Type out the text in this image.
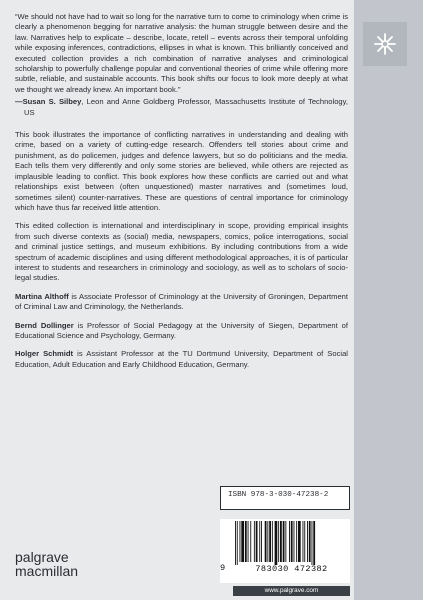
“We should not have had to wait so long for the narrative turn to come to criminology when crime is clearly a phenomenon begging for narrative analysis: the human struggle between desire and the law. Narratives help to explicate – describe, locate, retell – events across their temporal unfolding while exposing inferences, contradictions, ellipses in what is known. This brilliantly conceived and executed collection provides a rich combination of narrative analyses and criminological scholarship to powerfully challenge popular and conventional theories of crime while offering more subtle, reliable, and sustainable accounts. This book shifts our focus to look more deeply at what we thought we already knew. An important book.”

—Susan S. Silbey, Leon and Anne Goldberg Professor, Massachusetts Institute of Technology, US

This book illustrates the importance of conflicting narratives in understanding and dealing with crime, based on a variety of cutting-edge research. Offenders tell stories about crime and punishment, as do policemen, judges and defence lawyers, but so do politicians and the media. Each tells them very differently and only some stories are believed, while others are rejected as implausible leading to conflict. This book explores how these conflicts are carried out and what relationships exist between (often unquestioned) master narratives and (sometimes loud, sometimes silent) counter-narratives. These are questions of central importance for criminology which have thus far received little attention.

This edited collection is international and interdisciplinary in scope, providing empirical insights from such diverse contexts as (social) media, newspapers, comics, police interrogations, social and criminal justice settings, and museum exhibitions. By including contributions from a wide spectrum of academic disciplines and using different methodological approaches, it is of particular interest to students and researchers in criminology and sociology, as well as to scholars of socio-legal studies.

Martina Althoff is Associate Professor of Criminology at the University of Groningen, Department of Criminal Law and Criminology, the Netherlands.

Bernd Dollinger is Professor of Social Pedagogy at the University of Siegen, Department of Educational Science and Psychology, Germany.

Holger Schmidt is Assistant Professor at the TU Dortmund University, Department of Social Education, Adult Education and Early Childhood Education, Germany.

ISBN 978-3-030-47238-2
9	783030 472382
www.palgrave.com
palgrave
macmillan
